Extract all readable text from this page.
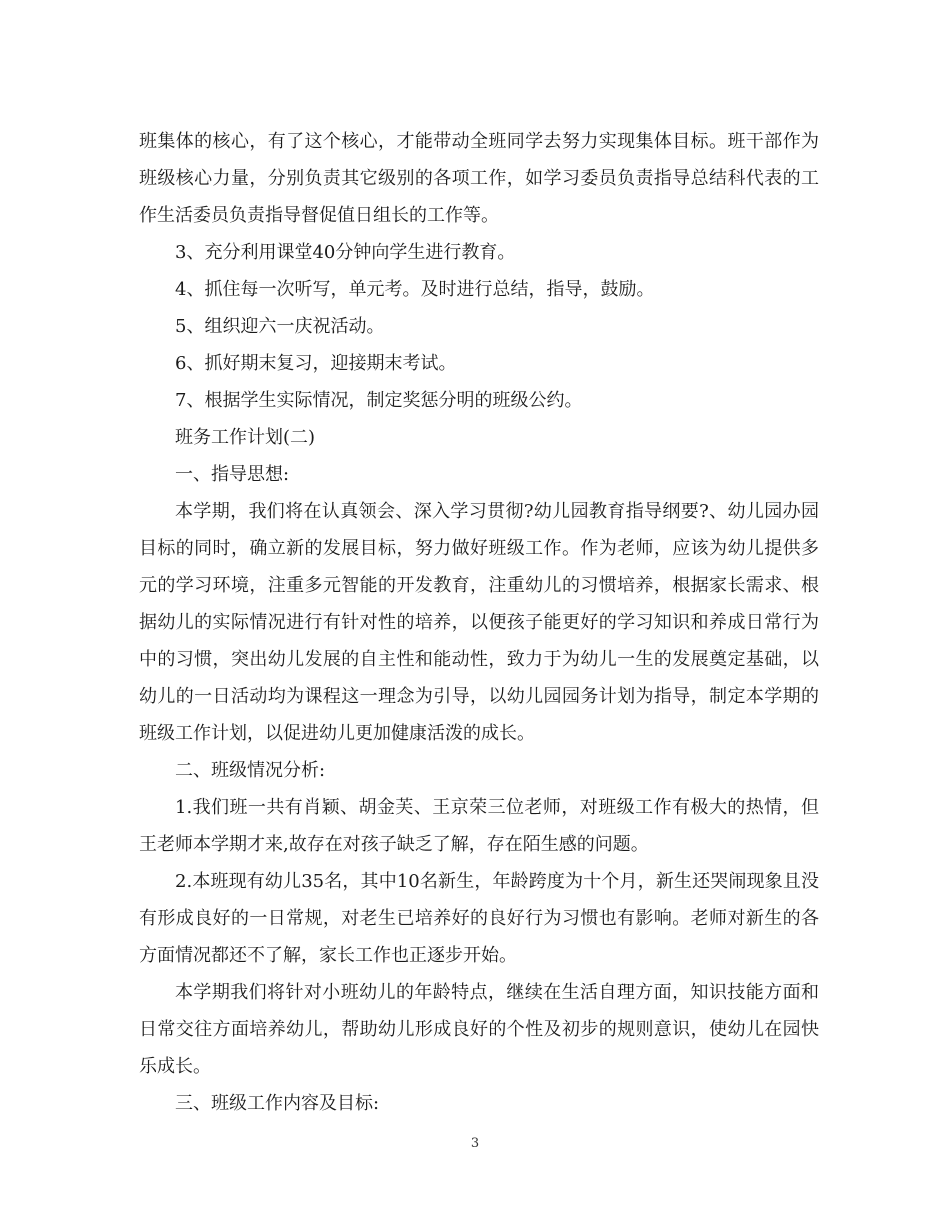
班集体的核心，有了这个核心，才能带动全班同学去努力实现集体目标。班干部作为班级核心力量，分别负责其它级别的各项工作，如学习委员负责指导总结科代表的工作生活委员负责指导督促值日组长的工作等。

3、充分利用课堂40分钟向学生进行教育。

4、抓住每一次听写，单元考。及时进行总结，指导，鼓励。

5、组织迎六一庆祝活动。

6、抓好期末复习，迎接期末考试。

7、根据学生实际情况，制定奖惩分明的班级公约。

班务工作计划(二)

一、指导思想:

本学期，我们将在认真领会、深入学习贯彻?幼儿园教育指导纲要?、幼儿园办园目标的同时，确立新的发展目标，努力做好班级工作。作为老师，应该为幼儿提供多元的学习环境，注重多元智能的开发教育，注重幼儿的习惯培养，根据家长需求、根据幼儿的实际情况进行有针对性的培养，以便孩子能更好的学习知识和养成日常行为中的习惯，突出幼儿发展的自主性和能动性，致力于为幼儿一生的发展奠定基础，以幼儿的一日活动均为课程这一理念为引导，以幼儿园园务计划为指导，制定本学期的班级工作计划，以促进幼儿更加健康活泼的成长。

二、班级情况分析:

1.我们班一共有肖颖、胡金芙、王京荣三位老师，对班级工作有极大的热情，但王老师本学期才来,故存在对孩子缺乏了解，存在陌生感的问题。

2.本班现有幼儿35名，其中10名新生，年龄跨度为十个月，新生还哭闹现象且没有形成良好的一日常规，对老生已培养好的良好行为习惯也有影响。老师对新生的各方面情况都还不了解，家长工作也正逐步开始。

本学期我们将针对小班幼儿的年龄特点，继续在生活自理方面，知识技能方面和日常交往方面培养幼儿，帮助幼儿形成良好的个性及初步的规则意识，使幼儿在园快乐成长。

三、班级工作内容及目标:

3
